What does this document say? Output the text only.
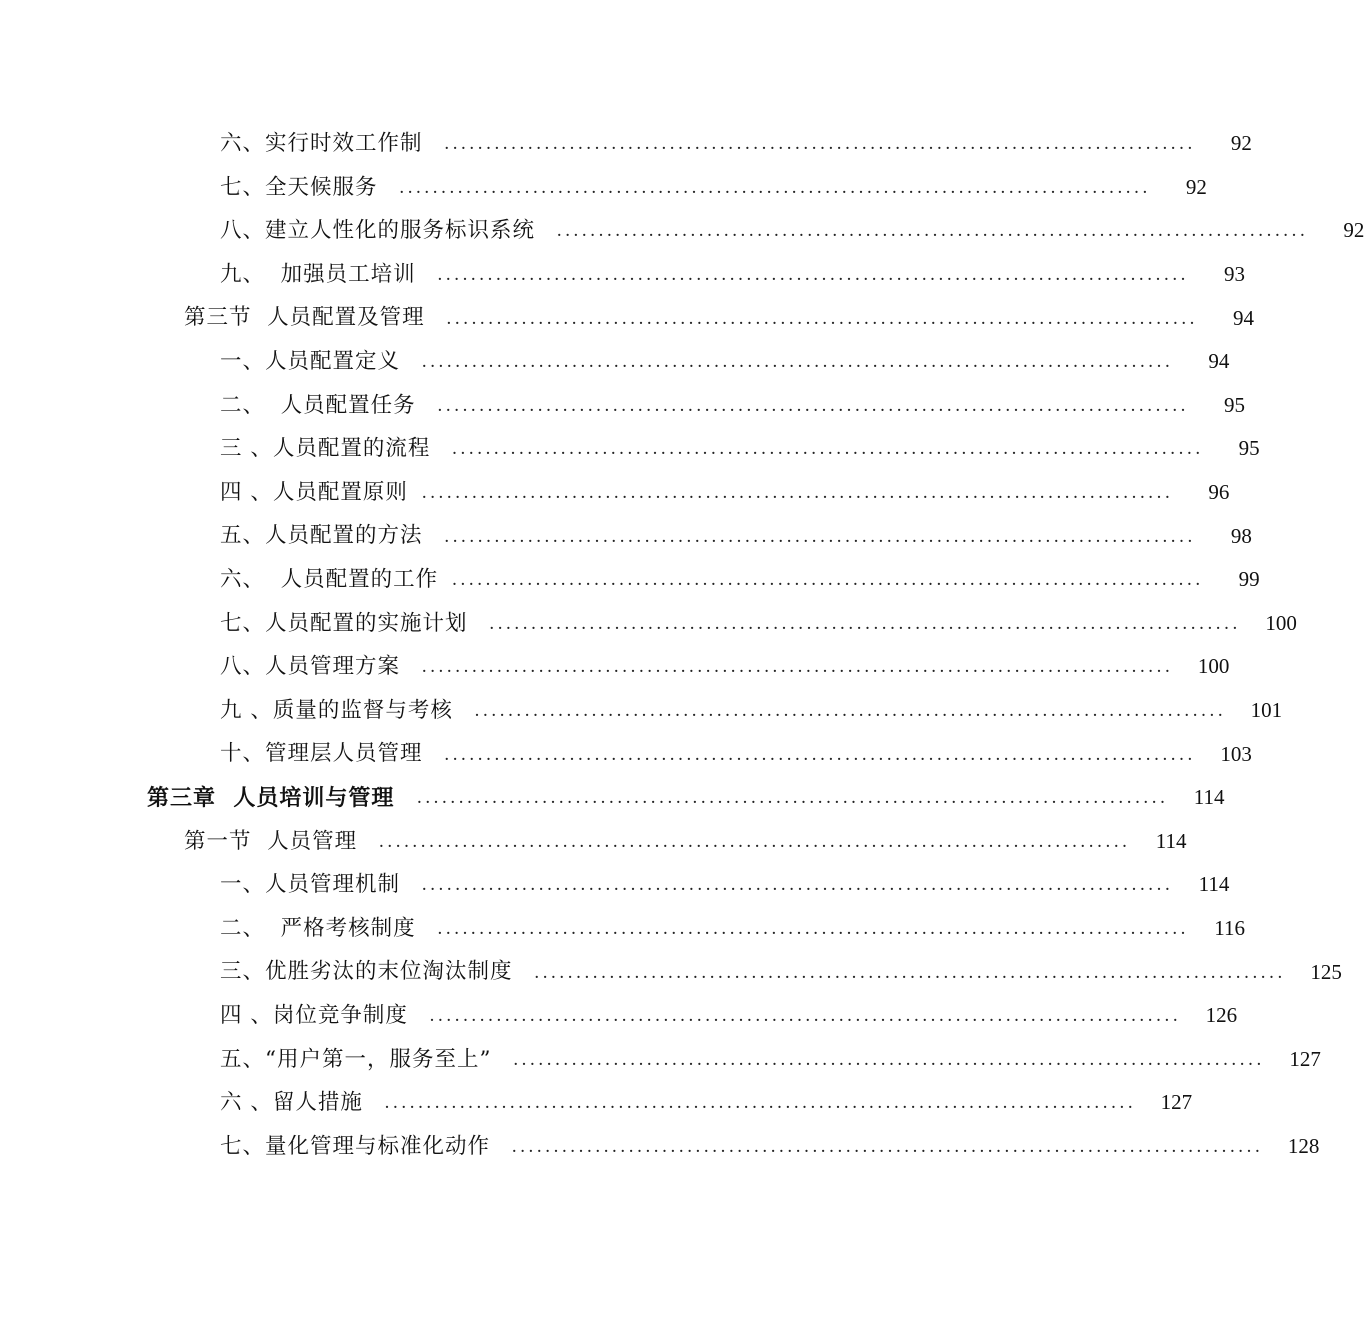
六、实行时效工作制 ..........................................................................................	92
七、全天候服务 ..........................................................................................	92
八、建立人性化的服务标识系统 ..........................................................................................	92
九、  加强员工培训 ..........................................................................................	93
第三节  人员配置及管理 ..........................................................................................	94
一、人员配置定义 ..........................................................................................	94
二、  人员配置任务 ..........................................................................................	95
三 、人员配置的流程 ..........................................................................................	95
四 、人员配置原则 ..........................................................................................	96
五、人员配置的方法 ..........................................................................................	98
六、  人员配置的工作 ..........................................................................................	99
七、人员配置的实施计划 ..........................................................................................	100
八、人员管理方案 ..........................................................................................	100
九 、质量的监督与考核 ..........................................................................................	101
十、管理层人员管理 ..........................................................................................	103
第三章  人员培训与管理 ..........................................................................................	114
第一节  人员管理 ..........................................................................................	114
一、人员管理机制 ..........................................................................................	114
二、  严格考核制度 ..........................................................................................	116
三、优胜劣汰的末位淘汰制度 ..........................................................................................	125
四 、岗位竞争制度 ..........................................................................................	126
五、“用户第一，服务至上” ..........................................................................................	127
六 、留人措施 ..........................................................................................	127
七、量化管理与标准化动作 ..........................................................................................	128
